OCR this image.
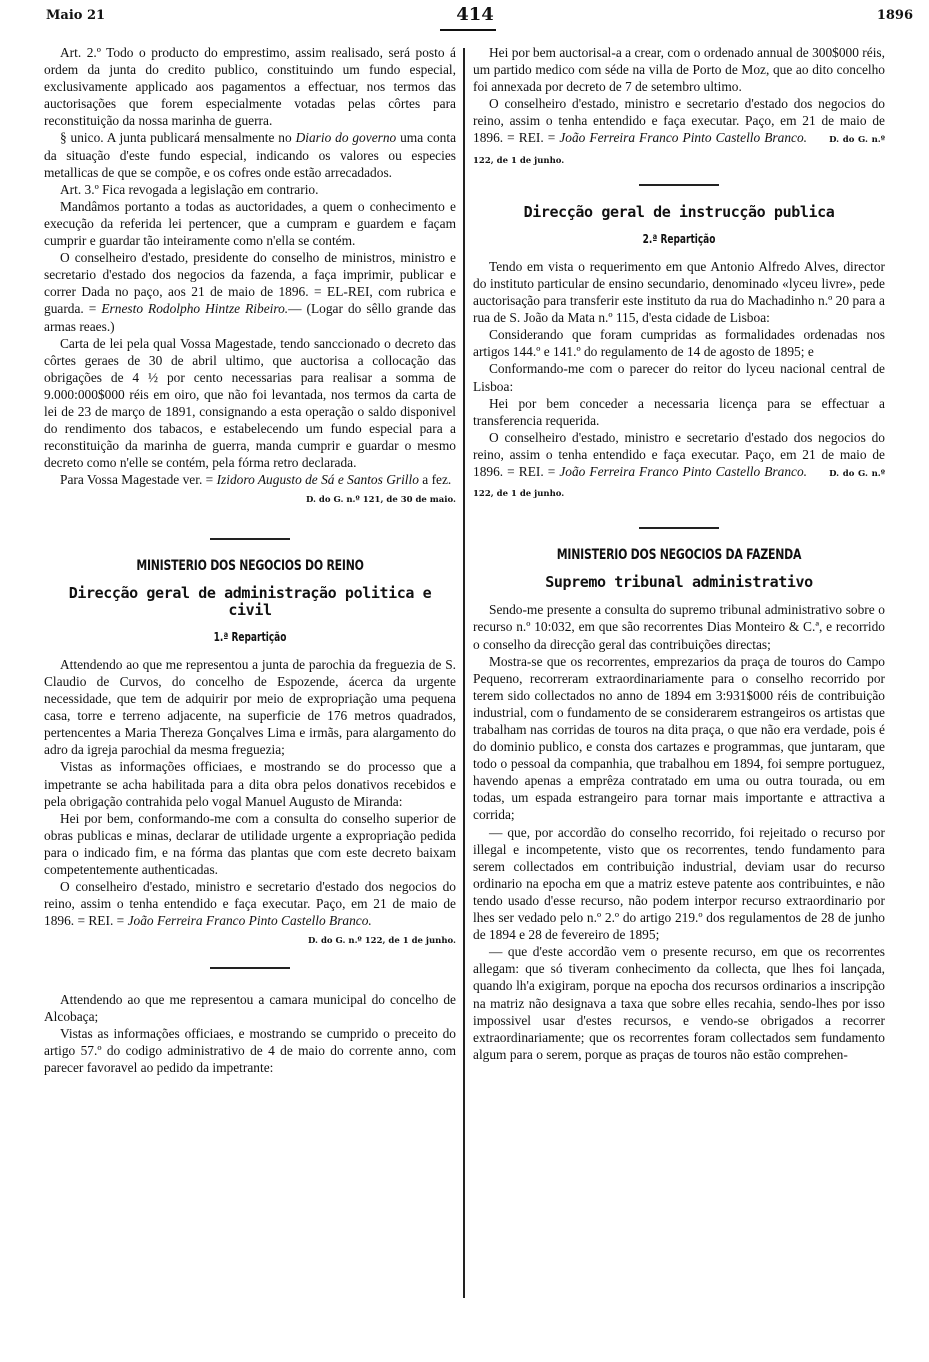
Maio 21	414	1896

Art. 2.º Todo o producto do emprestimo, assim realisado, será posto á ordem da junta do credito publico, constituindo um fundo especial, exclusivamente applicado aos pagamentos a effectuar, nos termos das auctorisações que forem especialmente votadas pelas côrtes para reconstituição da nossa marinha de guerra.

§ unico. A junta publicará mensalmente no Diario do governo uma conta da situação d'este fundo especial, indicando os valores ou especies metallicas de que se compõe, e os cofres onde estão arrecadados.

Art. 3.º Fica revogada a legislação em contrario.

Mandâmos portanto a todas as auctoridades, a quem o conhecimento e execução da referida lei pertencer, que a cumpram e guardem e façam cumprir e guardar tão inteiramente como n'ella se contém.

O conselheiro d'estado, presidente do conselho de ministros, ministro e secretario d'estado dos negocios da fazenda, a faça imprimir, publicar e correr Dada no paço, aos 21 de maio de 1896. = EL-REI, com rubrica e guarda. = Ernesto Rodolpho Hintze Ribeiro.— (Logar do sêllo grande das armas reaes.)

Carta de lei pela qual Vossa Magestade, tendo sanccionado o decreto das côrtes geraes de 30 de abril ultimo, que auctorisa a collocação das obrigações de 4 ½ por cento necessarias para realisar a somma de 9.000:000$000 réis em oiro, que não foi levantada, nos termos da carta de lei de 23 de março de 1891, consignando a esta operação o saldo disponivel do rendimento dos tabacos, e estabelecendo um fundo especial para a reconstituição da marinha de guerra, manda cumprir e guardar o mesmo decreto como n'elle se contém, pela fórma retro declarada.

Para Vossa Magestade ver. = Izidoro Augusto de Sá e Santos Grillo a fez.
D. do G. n.º 121, de 30 de maio.

MINISTERIO DOS NEGOCIOS DO REINO
Direcção geral de administração politica e civil
1.ª Repartição

Attendendo ao que me representou a junta de parochia da freguezia de S. Claudio de Curvos, do concelho de Espozende, ácerca da urgente necessidade, que tem de adquirir por meio de expropriação uma pequena casa, torre e terreno adjacente, na superficie de 176 metros quadrados, pertencentes a Maria Thereza Gonçalves Lima e irmãs, para alargamento do adro da igreja parochial da mesma freguezia;

Vistas as informações officiaes, e mostrando se do processo que a impetrante se acha habilitada para a dita obra pelos donativos recebidos e pela obrigação contrahida pelo vogal Manuel Augusto de Miranda:

Hei por bem, conformando-me com a consulta do conselho superior de obras publicas e minas, declarar de utilidade urgente a expropriação pedida para o indicado fim, e na fórma das plantas que com este decreto baixam competentemente authenticadas.

O conselheiro d'estado, ministro e secretario d'estado dos negocios do reino, assim o tenha entendido e faça executar. Paço, em 21 de maio de 1896. = REI. = João Ferreira Franco Pinto Castello Branco.

D. do G. n.º 122, de 1 de junho.

Attendendo ao que me representou a camara municipal do concelho de Alcobaça;

Vistas as informações officiaes, e mostrando se cumprido o preceito do artigo 57.º do codigo administrativo de 4 de maio do corrente anno, com parecer favoravel ao pedido da impetrante:

Hei por bem auctorisal-a a crear, com o ordenado annual de 300$000 réis, um partido medico com séde na villa de Porto de Moz, que ao dito concelho foi annexada por decreto de 7 de setembro ultimo.

O conselheiro d'estado, ministro e secretario d'estado dos negocios do reino, assim o tenha entendido e faça executar. Paço, em 21 de maio de 1896. = REI. = João Ferreira Franco Pinto Castello Branco.	D. do G. n.º 122, de 1 de junho.

Direcção geral de instrucção publica
2.ª Repartição

Tendo em vista o requerimento em que Antonio Alfredo Alves, director do instituto particular de ensino secundario, denominado «lyceu livre», pede auctorisação para transferir este instituto da rua do Machadinho n.º 20 para a rua de S. João da Mata n.º 115, d'esta cidade de Lisboa:

Considerando que foram cumpridas as formalidades ordenadas nos artigos 144.º e 141.º do regulamento de 14 de agosto de 1895; e

Conformando-me com o parecer do reitor do lyceu nacional central de Lisboa:

Hei por bem conceder a necessaria licença para se effectuar a transferencia requerida.

O conselheiro d'estado, ministro e secretario d'estado dos negocios do reino, assim o tenha entendido e faça executar. Paço, em 21 de maio de 1896. = REI. = João Ferreira Franco Pinto Castello Branco.	D. do G. n.º 122, de 1 de junho.

MINISTERIO DOS NEGOCIOS DA FAZENDA
Supremo tribunal administrativo

Sendo-me presente a consulta do supremo tribunal administrativo sobre o recurso n.º 10:032, em que são recorrentes Dias Monteiro & C.ª, e recorrido o conselho da direcção geral das contribuições directas;

Mostra-se que os recorrentes, emprezarios da praça de touros do Campo Pequeno, recorreram extraordinariamente para o conselho recorrido por terem sido collectados no anno de 1894 em 3:931$000 réis de contribuição industrial, com o fundamento de se considerarem estrangeiros os artistas que trabalham nas corridas de touros na dita praça, o que não era verdade, pois é do dominio publico, e consta dos cartazes e programmas, que juntaram, que todo o pessoal da companhia, que trabalhou em 1894, foi sempre portuguez, havendo apenas a emprêza contratado em uma ou outra tourada, ou em todas, um espada estrangeiro para tornar mais importante e attractiva a corrida;

— que, por accordão do conselho recorrido, foi rejeitado o recurso por illegal e incompetente, visto que os recorrentes, tendo fundamento para serem collectados em contribuição industrial, deviam usar do recurso ordinario na epocha em que a matriz esteve patente aos contribuintes, e não tendo usado d'esse recurso, não podem interpor recurso extraordinario por lhes ser vedado pelo n.º 2.º do artigo 219.º dos regulamentos de 28 de junho de 1894 e 28 de fevereiro de 1895;

— que d'este accordão vem o presente recurso, em que os recorrentes allegam: que só tiveram conhecimento da collecta, que lhes foi lançada, quando lh'a exigiram, porque na epocha dos recursos ordinarios a inscripção na matriz não designava a taxa que sobre elles recahia, sendo-lhes por isso impossivel usar d'estes recursos, e vendo-se obrigados a recorrer extraordinariamente; que os recorrentes foram collectados sem fundamento algum para o serem, porque as praças de touros não estão comprehen-
